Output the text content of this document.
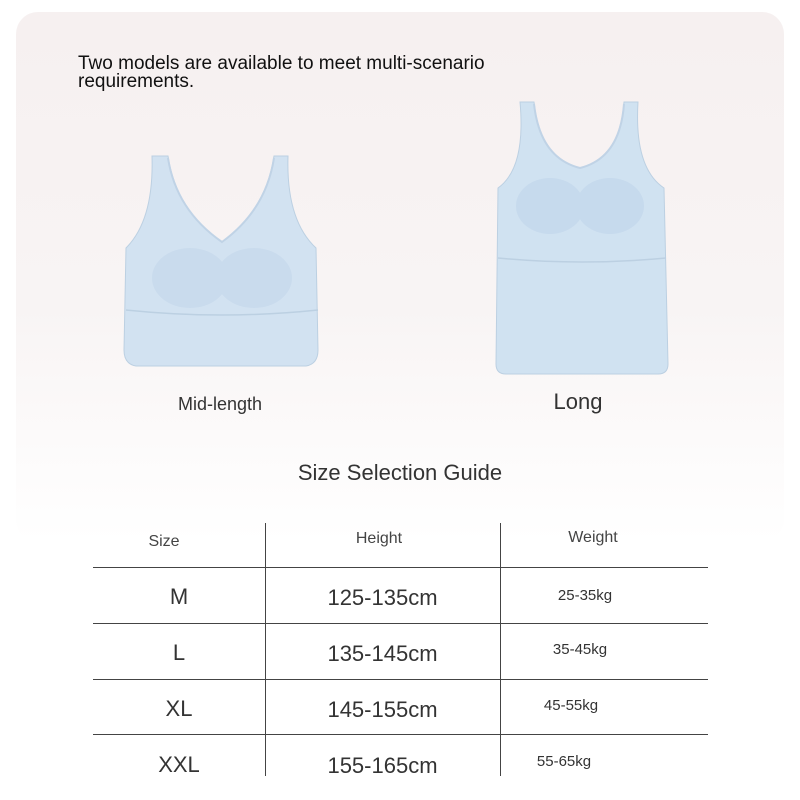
Two models are available to meet multi-scenario requirements.
Mid-length	Long
Size Selection Guide
Size	Height	Weight
M	125-135cm	25-35kg
L	135-145cm	35-45kg
XL	145-155cm	45-55kg
XXL	155-165cm	55-65kg
